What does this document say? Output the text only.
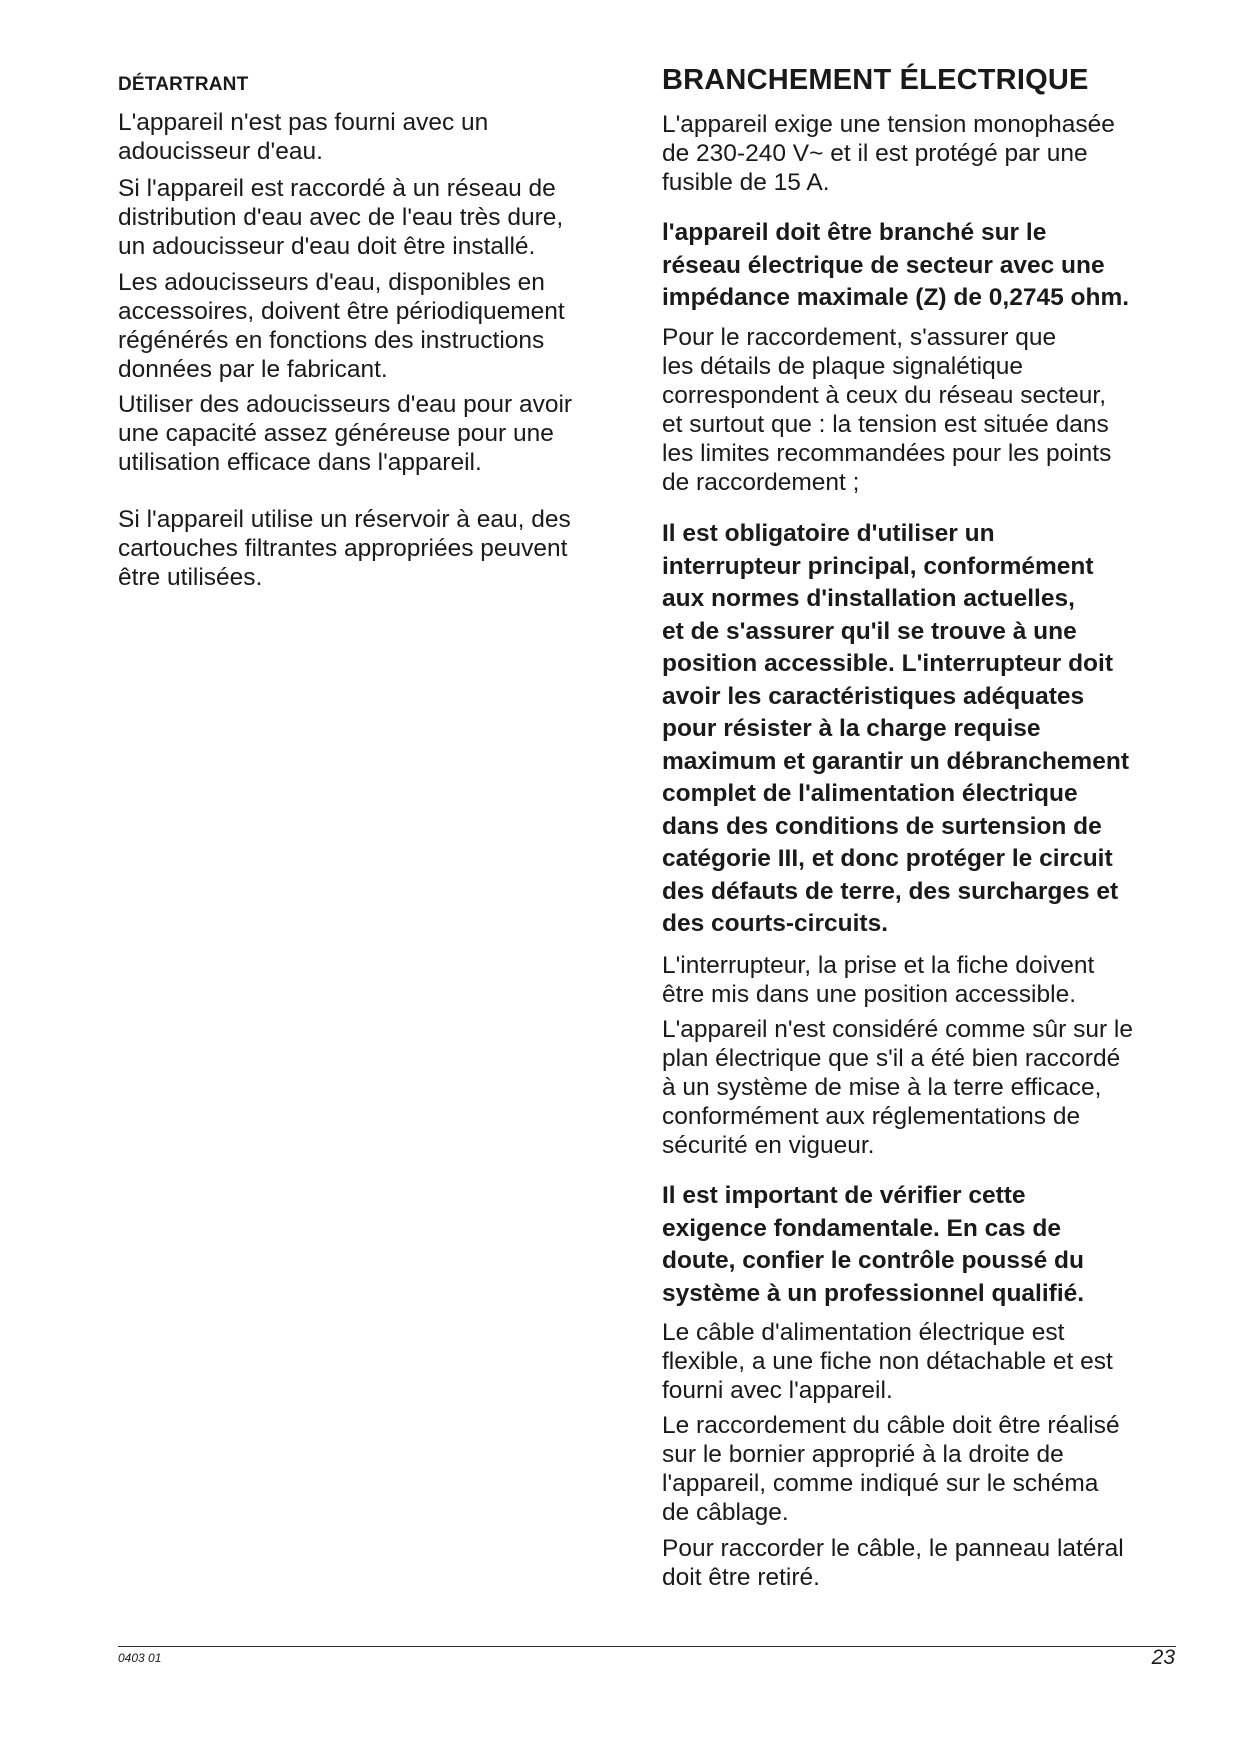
DÉTARTRANT

L'appareil n'est pas fourni avec un
adoucisseur d'eau.

Si l'appareil est raccordé à un réseau de
distribution d'eau avec de l'eau très dure,
un adoucisseur d'eau doit être installé.

Les adoucisseurs d'eau, disponibles en
accessoires, doivent être périodiquement
régénérés en fonctions des instructions
données par le fabricant.

Utiliser des adoucisseurs d'eau pour avoir
une capacité assez généreuse pour une
utilisation efficace dans l'appareil.

Si l'appareil utilise un réservoir à eau, des
cartouches filtrantes appropriées peuvent
être utilisées.

BRANCHEMENT ÉLECTRIQUE

L'appareil exige une tension monophasée
de 230-240 V~ et il est protégé par une
fusible de 15 A.

l'appareil doit être branché sur le
réseau électrique de secteur avec une
impédance maximale (Z) de 0,2745 ohm.

Pour le raccordement, s'assurer que
les détails de plaque signalétique
correspondent à ceux du réseau secteur,
et surtout que : la tension est située dans
les limites recommandées pour les points
de raccordement ;

Il est obligatoire d'utiliser un
interrupteur principal, conformément
aux normes d'installation actuelles,
et de s'assurer qu'il se trouve à une
position accessible. L'interrupteur doit
avoir les caractéristiques adéquates
pour résister à la charge requise
maximum et garantir un débranchement
complet de l'alimentation électrique
dans des conditions de surtension de
catégorie III, et donc protéger le circuit
des défauts de terre, des surcharges et
des courts-circuits.

L'interrupteur, la prise et la fiche doivent
être mis dans une position accessible.

L'appareil n'est considéré comme sûr sur le
plan électrique que s'il a été bien raccordé
à un système de mise à la terre efficace,
conformément aux réglementations de
sécurité en vigueur.

Il est important de vérifier cette
exigence fondamentale. En cas de
doute, confier le contrôle poussé du
système à un professionnel qualifié.

Le câble d'alimentation électrique est
flexible, a une fiche non détachable et est
fourni avec l'appareil.

Le raccordement du câble doit être réalisé
sur le bornier approprié à la droite de
l'appareil, comme indiqué sur le schéma
de câblage.

Pour raccorder le câble, le panneau latéral
doit être retiré.

0403 01	23
